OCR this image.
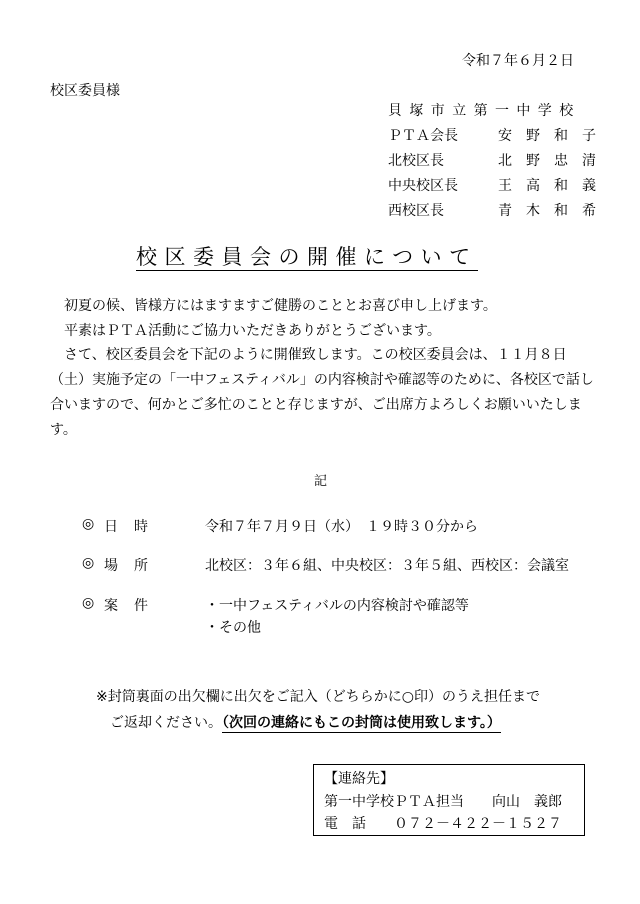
令和７年６月２日
校区委員様
貝塚市立第一中学校
ＰＴＡ会長	安　野　和　子
北校区長	北　野　忠　清
中央校区長	王　高　和　義
西校区長	青　木　和　希
校区委員会の開催について

初夏の候、皆様方にはますますご健勝のこととお喜び申し上げます。

平素はＰＴＡ活動にご協力いただきありがとうございます。

さて、校区委員会を下記のように開催致します。この校区委員会は、１１月８日（土）実施予定の「一中フェスティバル」の内容検討や確認等のために、各校区で話し合いますので、何かとご多忙のことと存じますが、ご出席方よろしくお願いいたします。

記
◎ 日時	令和７年７月９日（水）　１９時３０分から
◎ 場所	北校区：３年６組、中央校区：３年５組、西校区：会議室
◎ 案件	・一中フェスティバルの内容検討や確認等
・その他
※封筒裏面の出欠欄に出欠をご記入（どちらかに○印）のうえ担任まで
ご返却ください。（次回の連絡にもこの封筒は使用致します。）
【連絡先】
第一中学校ＰＴＡ担当　　向山　義郎
電　話　　０７２－４２２－１５２７
